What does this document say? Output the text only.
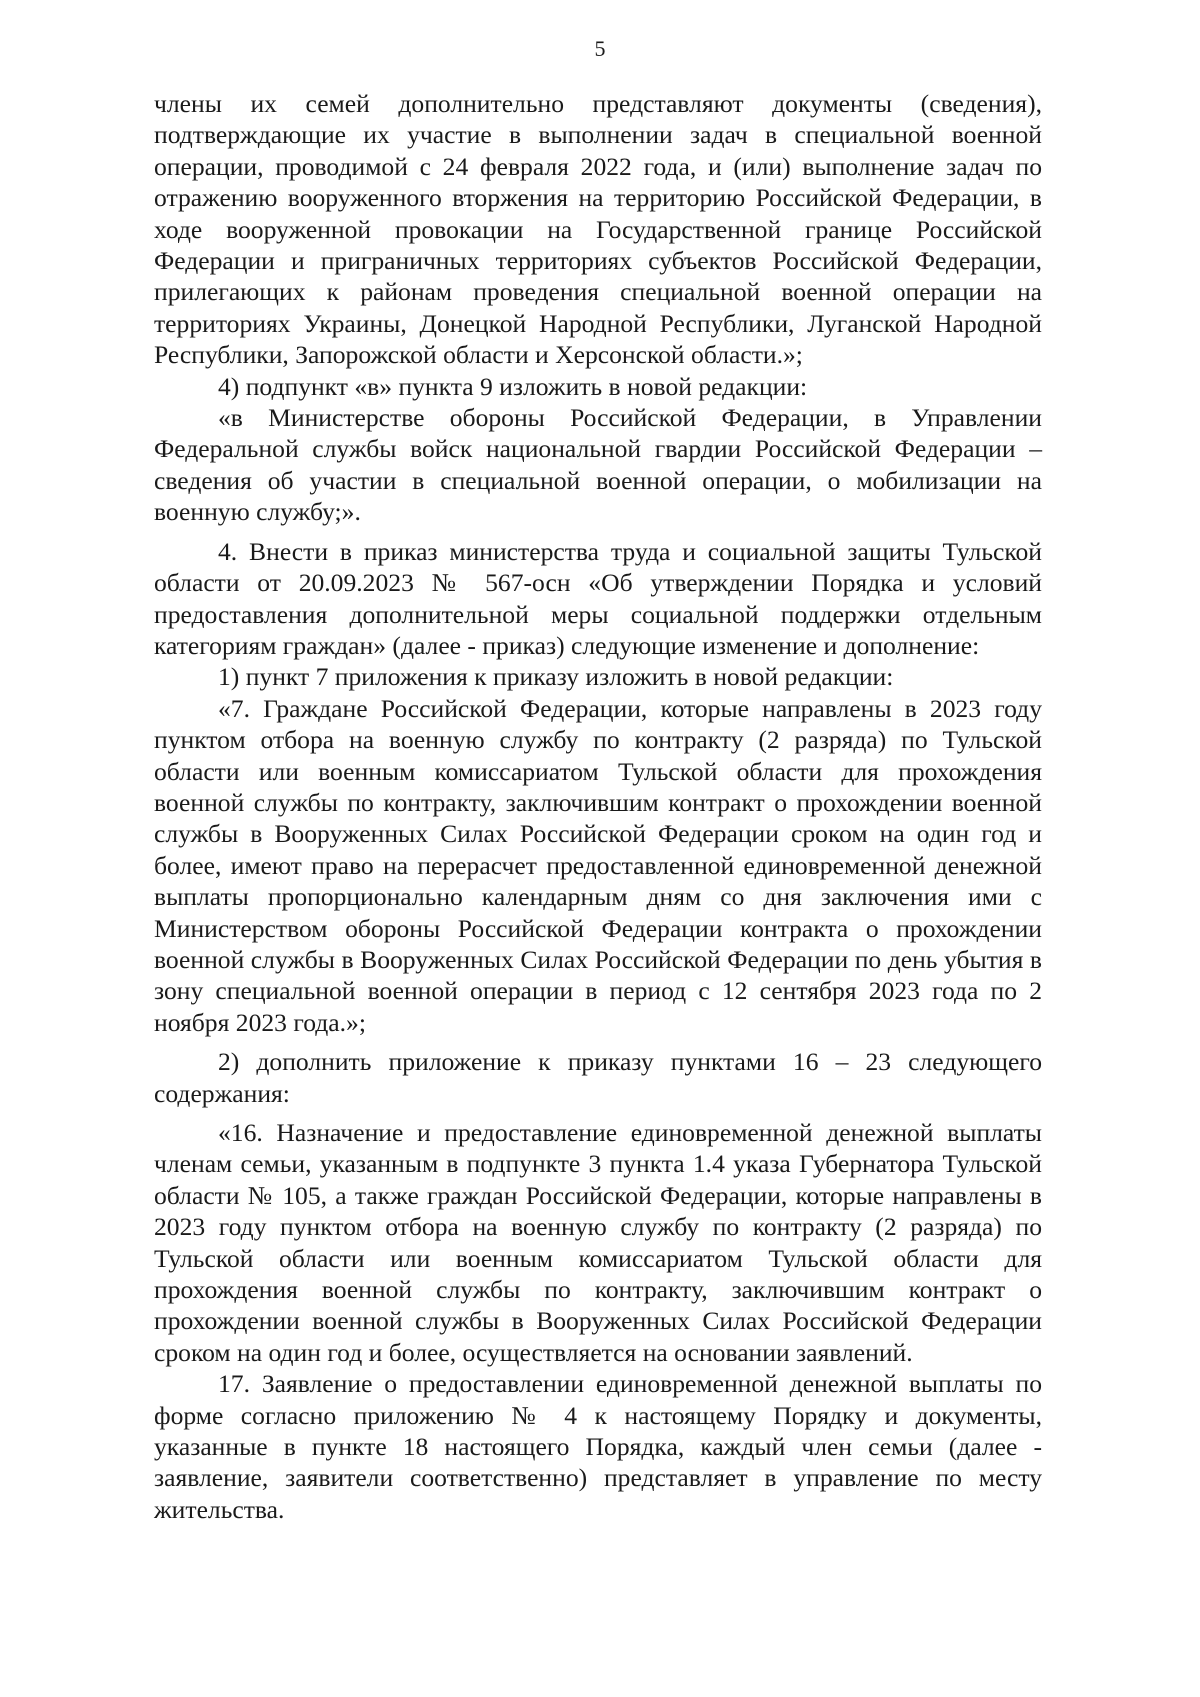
5

члены их семей дополнительно представляют документы (сведения), подтверждающие их участие в выполнении задач в специальной военной операции, проводимой с 24 февраля 2022 года, и (или) выполнение задач по отражению вооруженного вторжения на территорию Российской Федерации, в ходе вооруженной провокации на Государственной границе Российской Федерации и приграничных территориях субъектов Российской Федерации, прилегающих к районам проведения специальной военной операции на территориях Украины, Донецкой Народной Республики, Луганской Народной Республики, Запорожской области и Херсонской области.»;

4) подпункт «в» пункта 9 изложить в новой редакции:

«в Министерстве обороны Российской Федерации, в Управлении Федеральной службы войск национальной гвардии Российской Федерации – сведения об участии в специальной военной операции, о мобилизации на военную службу;».

4. Внести в приказ министерства труда и социальной защиты Тульской области от 20.09.2023 № 567-осн «Об утверждении Порядка и условий предоставления дополнительной меры социальной поддержки отдельным категориям граждан» (далее - приказ) следующие изменение и дополнение:

1) пункт 7 приложения к приказу изложить в новой редакции:

«7. Граждане Российской Федерации, которые направлены в 2023 году пунктом отбора на военную службу по контракту (2 разряда) по Тульской области или военным комиссариатом Тульской области для прохождения военной службы по контракту, заключившим контракт о прохождении военной службы в Вооруженных Силах Российской Федерации сроком на один год и более, имеют право на перерасчет предоставленной единовременной денежной выплаты пропорционально календарным дням со дня заключения ими с Министерством обороны Российской Федерации контракта о прохождении военной службы в Вооруженных Силах Российской Федерации по день убытия в зону специальной военной операции в период с 12 сентября 2023 года по 2 ноября 2023 года.»;

2) дополнить приложение к приказу пунктами 16 – 23 следующего содержания:

«16. Назначение и предоставление единовременной денежной выплаты членам семьи, указанным в подпункте 3 пункта 1.4 указа Губернатора Тульской области № 105, а также граждан Российской Федерации, которые направлены в 2023 году пунктом отбора на военную службу по контракту (2 разряда) по Тульской области или военным комиссариатом Тульской области для прохождения военной службы по контракту, заключившим контракт о прохождении военной службы в Вооруженных Силах Российской Федерации сроком на один год и более, осуществляется на основании заявлений.

17. Заявление о предоставлении единовременной денежной выплаты по форме согласно приложению № 4 к настоящему Порядку и документы, указанные в пункте 18 настоящего Порядка, каждый член семьи (далее - заявление, заявители соответственно) представляет в управление по месту жительства.
